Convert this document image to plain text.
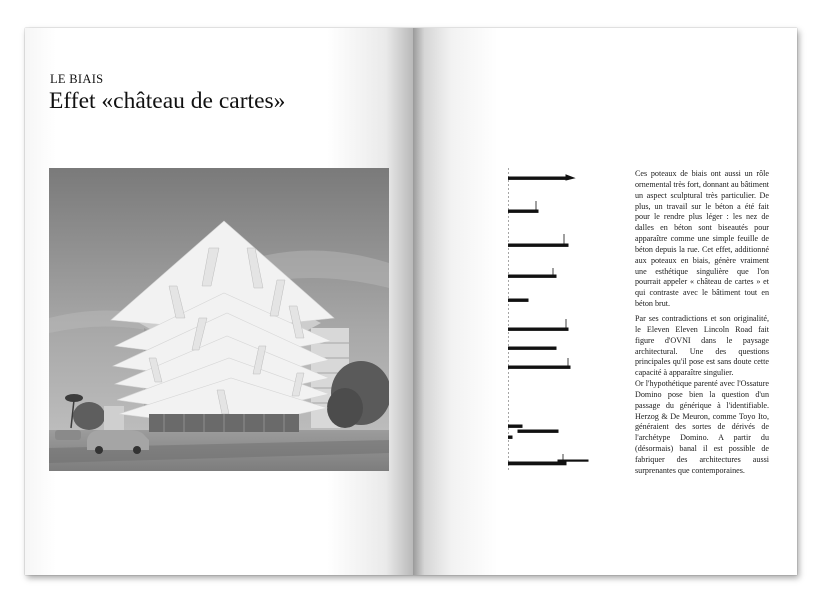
LE BIAIS
Effet «château de cartes»

Ces poteaux de biais ont aussi un rôle ornemental très fort, donnant au bâtiment un aspect sculptural très particulier. De plus, un travail sur le béton a été fait pour le rendre plus léger : les nez de dalles en béton sont biseautés pour apparaître comme une simple feuille de béton depuis la rue. Cet effet, additionné aux poteaux en biais, génère vraiment une esthétique singulière que l'on pourrait appeler « château de cartes » et qui contraste avec le bâtiment tout en béton brut.

Par ses contradictions et son originalité, le Eleven Eleven Lincoln Road fait figure d'OVNI dans le paysage architectural. Une des questions principales qu'il pose est sans doute cette capacité à apparaître singulier.

Or l'hypothétique parenté avec l'Ossature Domino pose bien la question d'un passage du générique à l'identifiable. Herzog & De Meuron, comme Toyo Ito, généraient des sortes de dérivés de l'archétype Domino. A partir du (désormais) banal il est possible de fabriquer des architectures aussi surprenantes que contemporaines.
